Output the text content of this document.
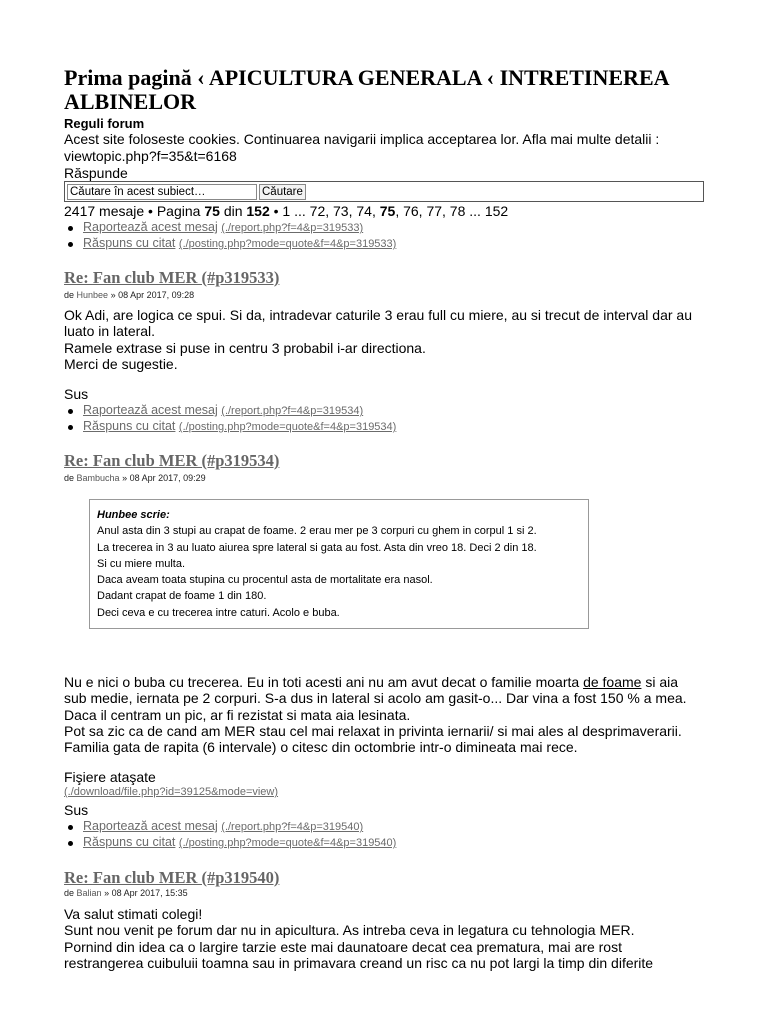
Prima pagină ‹ APICULTURA GENERALA ‹ INTRETINEREA ALBINELOR
Reguli forum
Acest site foloseste cookies. Continuarea navigarii implica acceptarea lor. Afla mai multe detalii :
viewtopic.php?f=35&t=6168
Răspunde
Căutare în acest subiect…	Căutare
2417 mesaje • Pagina 75 din 152 • 1 ... 72, 73, 74, 75, 76, 77, 78 ... 152
Raportează acest mesaj (./report.php?f=4&p=319533)
Răspuns cu citat (./posting.php?mode=quote&f=4&p=319533)
Re: Fan club MER (#p319533)
de Hunbee » 08 Apr 2017, 09:28
Ok Adi, are logica ce spui. Si da, intradevar caturile 3 erau full cu miere, au si trecut de interval dar au
luato in lateral.
Ramele extrase si puse in centru 3 probabil i-ar directiona.
Merci de sugestie.
Sus
Raportează acest mesaj (./report.php?f=4&p=319534)
Răspuns cu citat (./posting.php?mode=quote&f=4&p=319534)
Re: Fan club MER (#p319534)
de Bambucha » 08 Apr 2017, 09:29
Hunbee scrie:
Anul asta din 3 stupi au crapat de foame. 2 erau mer pe 3 corpuri cu ghem in corpul 1 si 2.
La trecerea in 3 au luato aiurea spre lateral si gata au fost. Asta din vreo 18. Deci 2 din 18.
Si cu miere multa.
Daca aveam toata stupina cu procentul asta de mortalitate era nasol.
Dadant crapat de foame 1 din 180.
Deci ceva e cu trecerea intre caturi. Acolo e buba.
Nu e nici o buba cu trecerea. Eu in toti acesti ani nu am avut decat o familie moarta de foame si aia
sub medie, iernata pe 2 corpuri. S-a dus in lateral si acolo am gasit-o... Dar vina a fost 150 % a mea.
Daca il centram un pic, ar fi rezistat si mata aia lesinata.
Pot sa zic ca de cand am MER stau cel mai relaxat in privinta iernarii/ si mai ales al desprimaverarii.
Familia gata de rapita (6 intervale) o citesc din octombrie intr-o dimineata mai rece.
Fişiere ataşate
(./download/file.php?id=39125&mode=view)
Sus
Raportează acest mesaj (./report.php?f=4&p=319540)
Răspuns cu citat (./posting.php?mode=quote&f=4&p=319540)
Re: Fan club MER (#p319540)
de Balian » 08 Apr 2017, 15:35
Va salut stimati colegi!
Sunt nou venit pe forum dar nu in apicultura. As intreba ceva in legatura cu tehnologia MER.
Pornind din idea ca o largire tarzie este mai daunatoare decat cea prematura, mai are rost
restrangerea cuibuluii toamna sau in primavara creand un risc ca nu pot largi la timp din diferite
